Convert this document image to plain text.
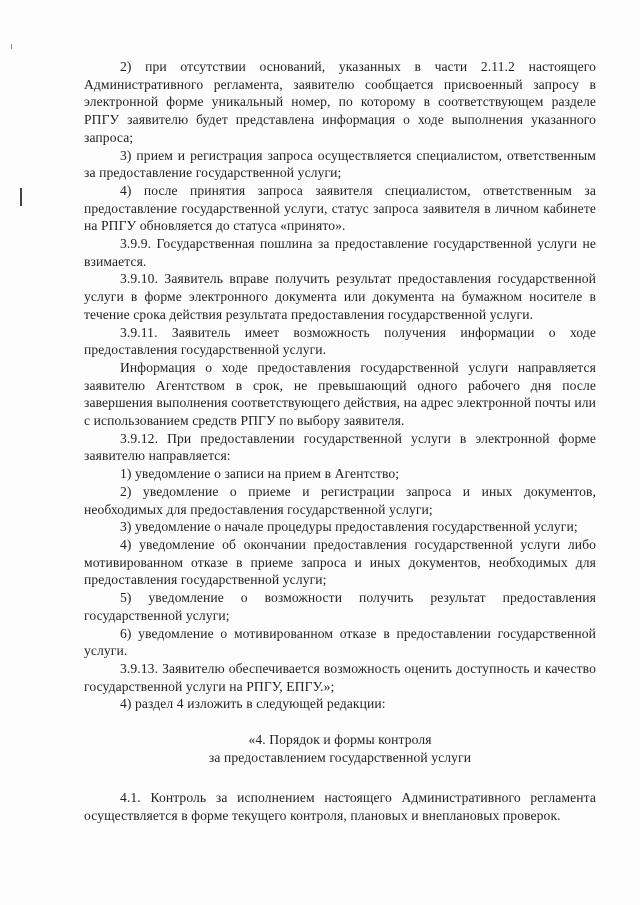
2) при отсутствии оснований, указанных в части 2.11.2 настоящего Административного регламента, заявителю сообщается присвоенный запросу в электронной форме уникальный номер, по которому в соответствующем разделе РПГУ заявителю будет представлена информация о ходе выполнения указанного запроса;

3) прием и регистрация запроса осуществляется специалистом, ответственным за предоставление государственной услуги;

4) после принятия запроса заявителя специалистом, ответственным за предоставление государственной услуги, статус запроса заявителя в личном кабинете на РПГУ обновляется до статуса «принято».

3.9.9. Государственная пошлина за предоставление государственной услуги не взимается.

3.9.10. Заявитель вправе получить результат предоставления государственной услуги в форме электронного документа или документа на бумажном носителе в течение срока действия результата предоставления государственной услуги.

3.9.11. Заявитель имеет возможность получения информации о ходе предоставления государственной услуги.

Информация о ходе предоставления государственной услуги направляется заявителю Агентством в срок, не превышающий одного рабочего дня после завершения выполнения соответствующего действия, на адрес электронной почты или с использованием средств РПГУ по выбору заявителя.

3.9.12. При предоставлении государственной услуги в электронной форме заявителю направляется:

1) уведомление о записи на прием в Агентство;

2) уведомление о приеме и регистрации запроса и иных документов, необходимых для предоставления государственной услуги;

3) уведомление о начале процедуры предоставления государственной услуги;

4) уведомление об окончании предоставления государственной услуги либо мотивированном отказе в приеме запроса и иных документов, необходимых для предоставления государственной услуги;

5) уведомление о возможности получить результат предоставления государственной услуги;

6) уведомление о мотивированном отказе в предоставлении государственной услуги.

3.9.13. Заявителю обеспечивается возможность оценить доступность и качество государственной услуги на РПГУ, ЕПГУ.»;

4) раздел 4 изложить в следующей редакции:

«4. Порядок и формы контроля

за предоставлением государственной услуги

4.1. Контроль за исполнением настоящего Административного регламента осуществляется в форме текущего контроля, плановых и внеплановых проверок.
